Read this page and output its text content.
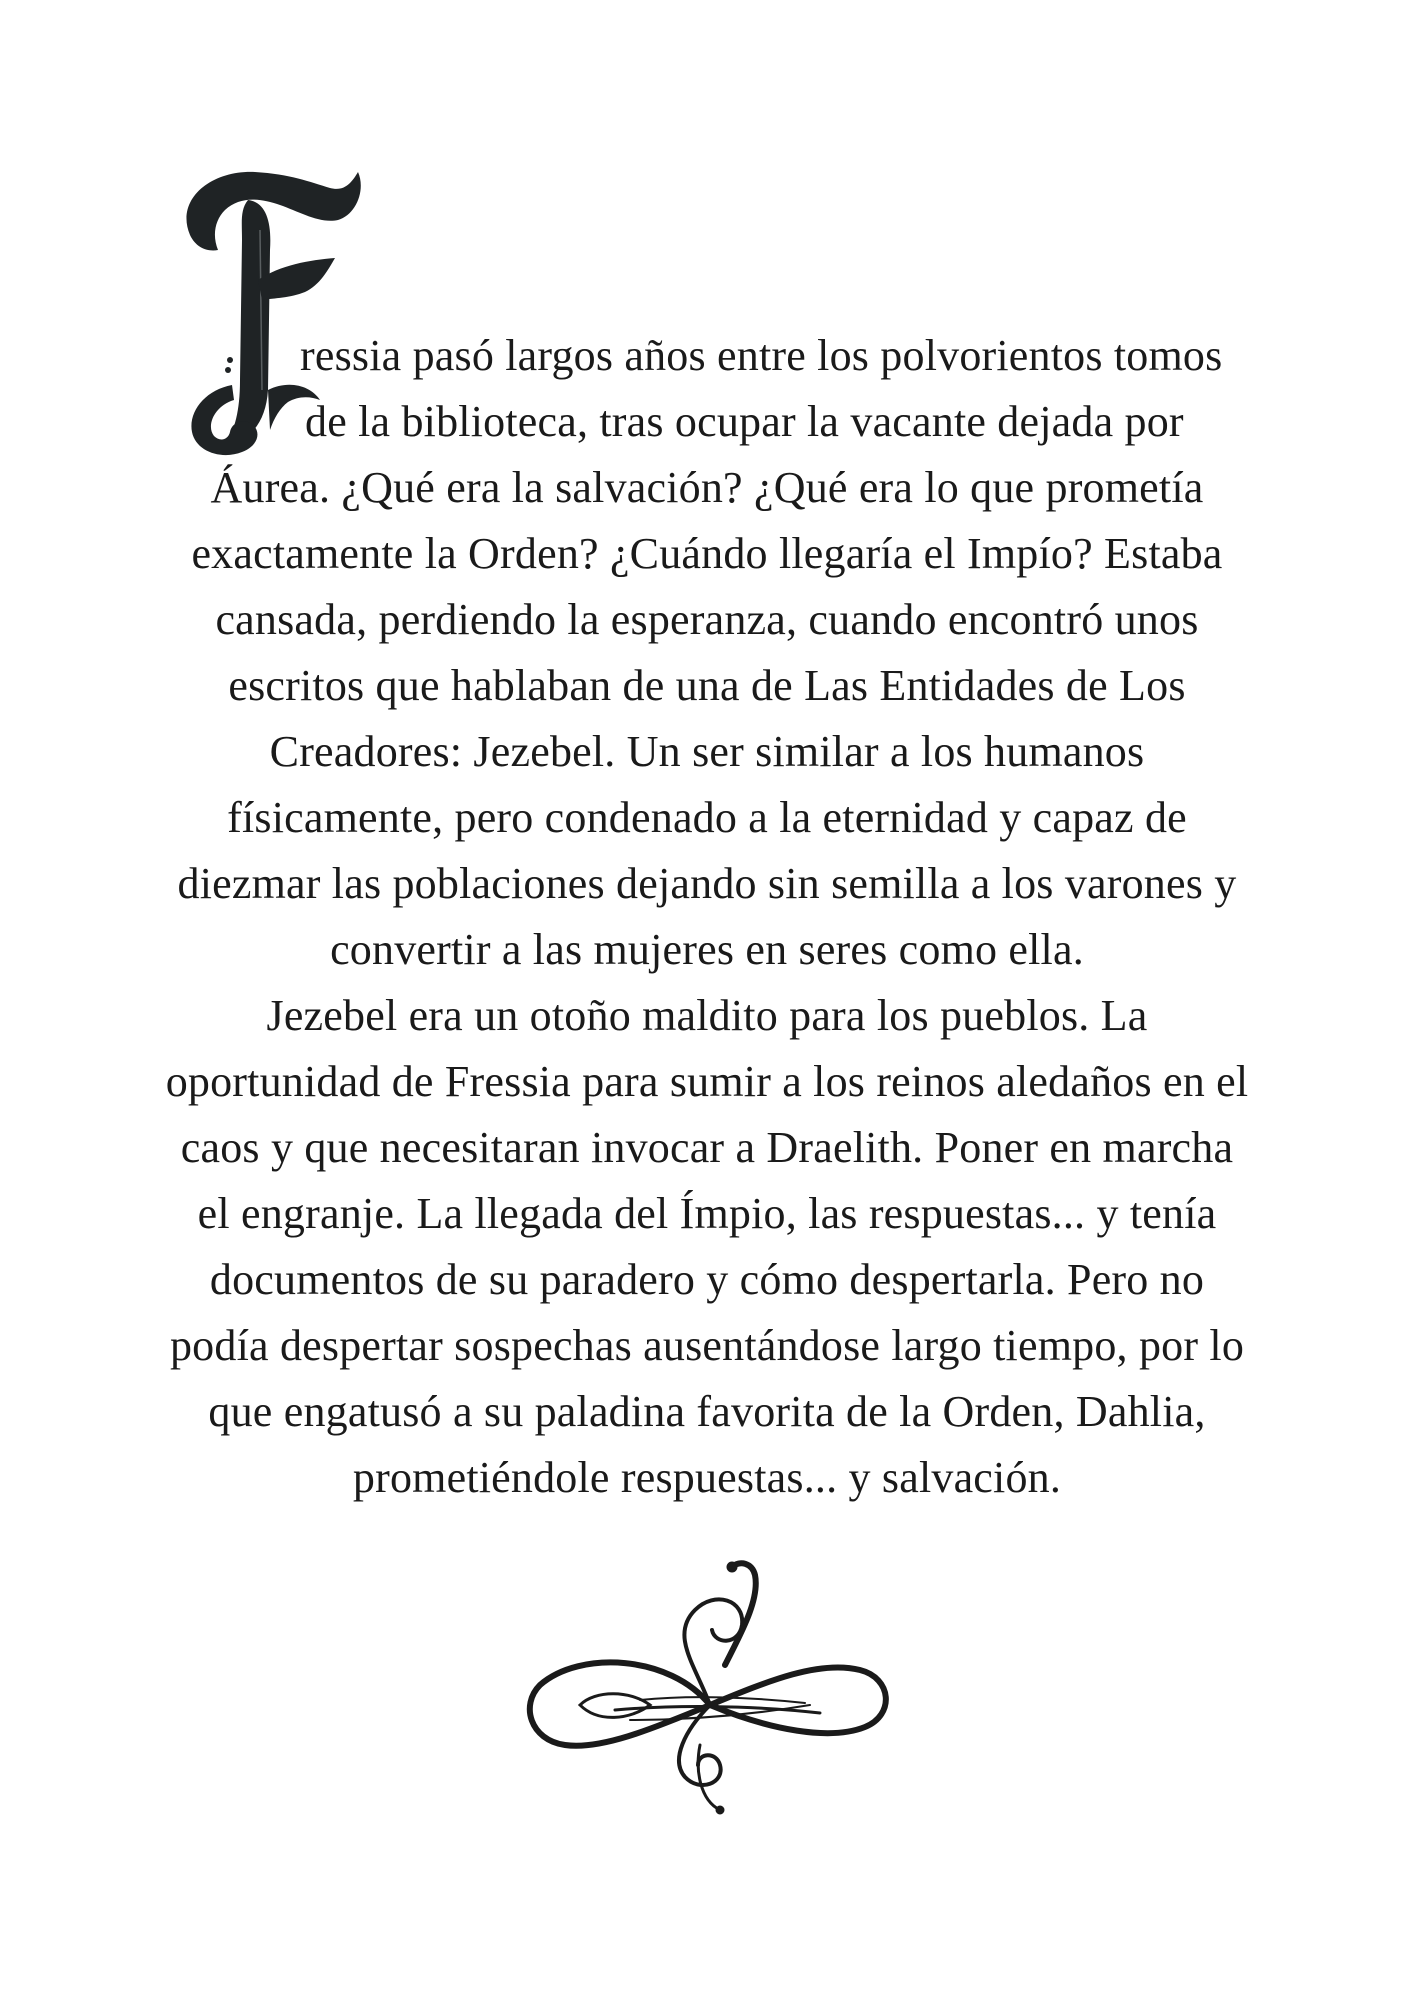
ressia pasó largos años entre los polvorientos tomos
de la biblioteca, tras ocupar la vacante dejada por
Áurea. ¿Qué era la salvación? ¿Qué era lo que prometía
exactamente la Orden? ¿Cuándo llegaría el Impío? Estaba
cansada, perdiendo la esperanza, cuando encontró unos
escritos que hablaban de una de Las Entidades de Los
Creadores: Jezebel. Un ser similar a los humanos
físicamente, pero condenado a la eternidad y capaz de
diezmar las poblaciones dejando sin semilla a los varones y
convertir a las mujeres en seres como ella.
Jezebel era un otoño maldito para los pueblos. La
oportunidad de Fressia para sumir a los reinos aledaños en el
caos y que necesitaran invocar a Draelith. Poner en marcha
el engranje. La llegada del Ímpio, las respuestas... y tenía
documentos de su paradero y cómo despertarla. Pero no
podía despertar sospechas ausentándose largo tiempo, por lo
que engatusó a su paladina favorita de la Orden, Dahlia,
prometiéndole respuestas... y salvación.
